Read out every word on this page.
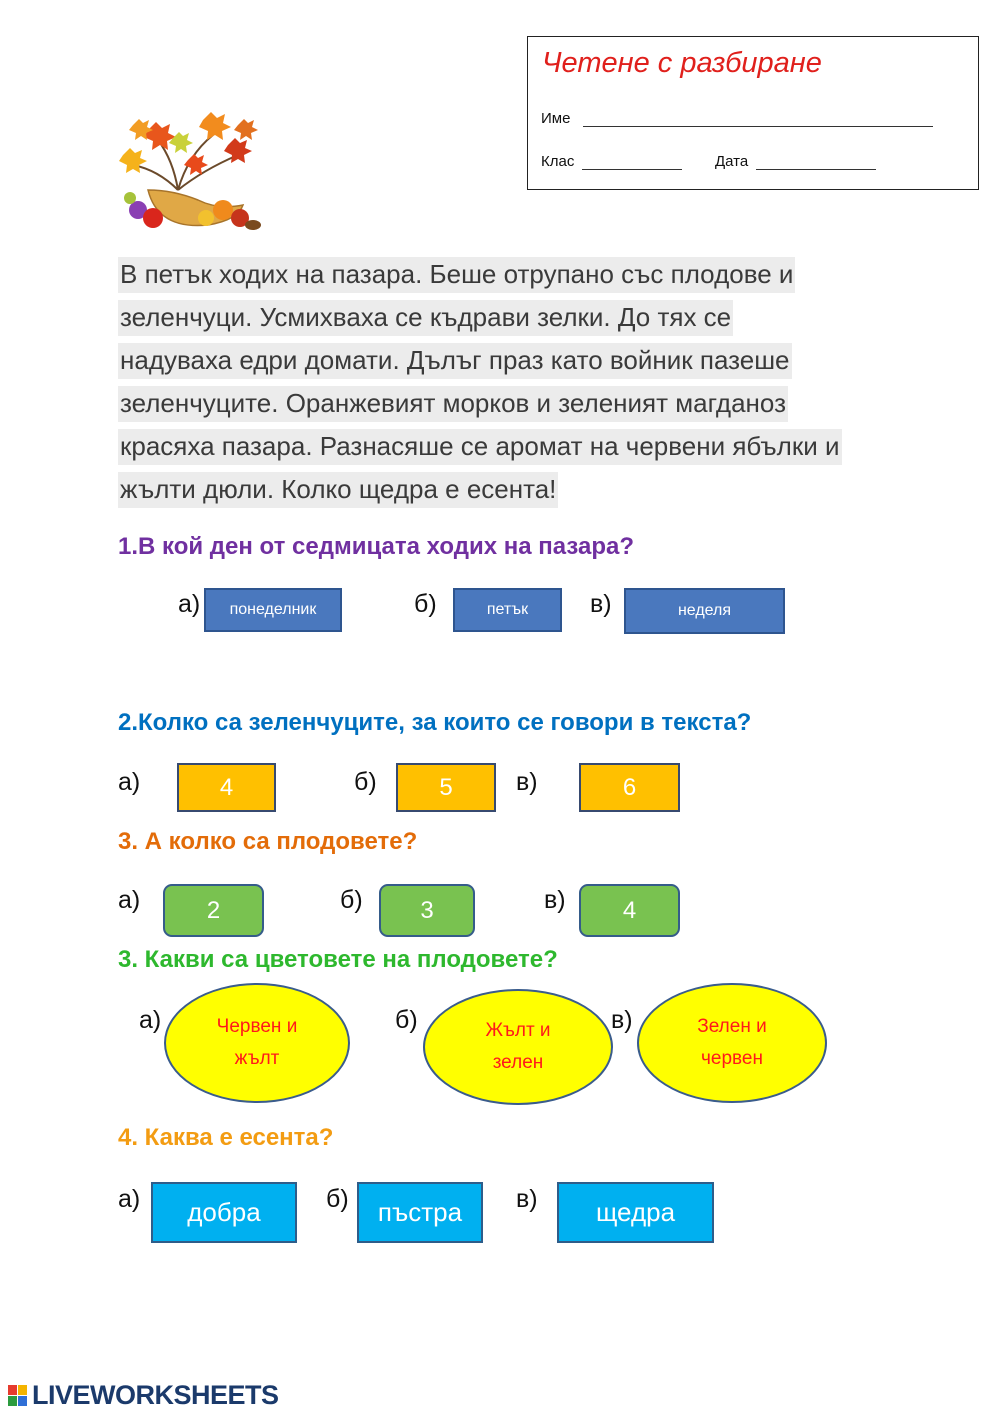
Четене с разбиране
Име
Клас	Дата
В петък ходих на пазара. Беше отрупано със плодове и
зеленчуци. Усмихваха се къдрави зелки. До тях се
надуваха едри домати. Дълъг праз като войник пазеше
зеленчуците. Оранжевият морков и зеленият магданоз
красяха пазара. Разнасяше се аромат на червени ябълки и
жълти дюли. Колко щедра е есента!
1.В кой ден от седмицата ходих на пазара?
а)	понеделник	б)	петък	в)	неделя
2.Колко са зеленчуците, за които се говори в текста?
а)	4	б)	5	в)	6
3. А колко са плодовете?
а)	2	б)	3	в)	4
3. Какви са цветовете на плодовете?
а)	Червен и
жълт
б)	Жълт и
зелен
в)	Зелен и
червен
4. Каква е есента?
а)	добра	б)	пъстра	в)	щедра
LIVEWORKSHEETS
